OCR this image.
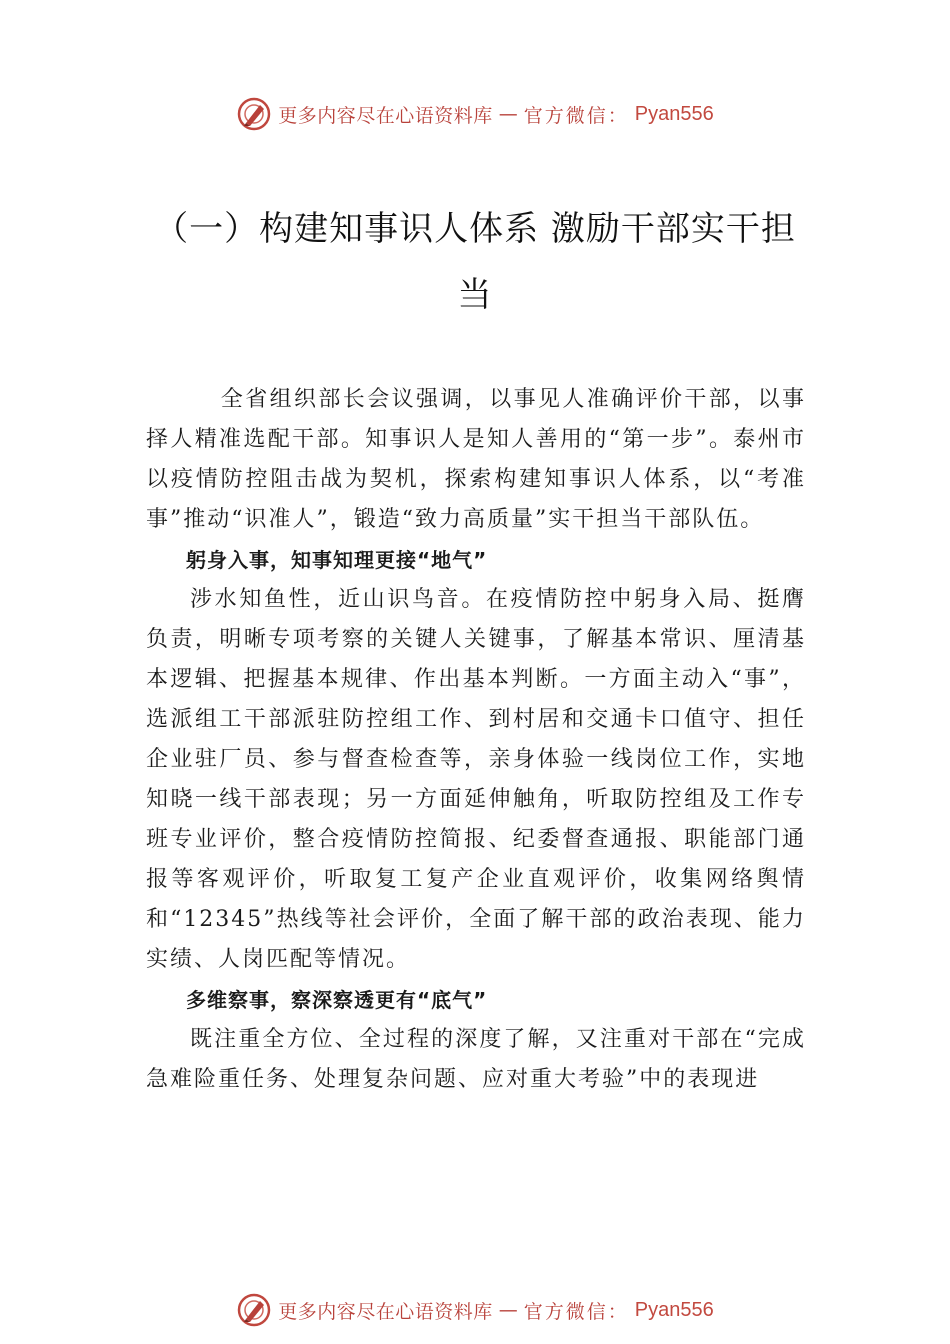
更多内容尽在心语资料库 — 官方微信： Pyan556
（一）构建知事识人体系 激励干部实干担当

全省组织部长会议强调，以事见人准确评价干部，以事择人精准选配干部。知事识人是知人善用的“第一步”。泰州市以疫情防控阻击战为契机，探索构建知事识人体系，以“考准事”推动“识准人”，锻造“致力高质量”实干担当干部队伍。

躬身入事，知事知理更接“地气”

涉水知鱼性，近山识鸟音。在疫情防控中躬身入局、挺膺负责，明晰专项考察的关键人关键事，了解基本常识、厘清基本逻辑、把握基本规律、作出基本判断。一方面主动入“事”，选派组工干部派驻防控组工作、到村居和交通卡口值守、担任企业驻厂员、参与督查检查等，亲身体验一线岗位工作，实地知晓一线干部表现；另一方面延伸触角，听取防控组及工作专班专业评价，整合疫情防控简报、纪委督查通报、职能部门通报等客观评价，听取复工复产企业直观评价，收集网络舆情和“12345”热线等社会评价，全面了解干部的政治表现、能力实绩、人岗匹配等情况。

多维察事，察深察透更有“底气”

既注重全方位、全过程的深度了解，又注重对干部在“完成急难险重任务、处理复杂问题、应对重大考验”中的表现进

更多内容尽在心语资料库 — 官方微信： Pyan556
